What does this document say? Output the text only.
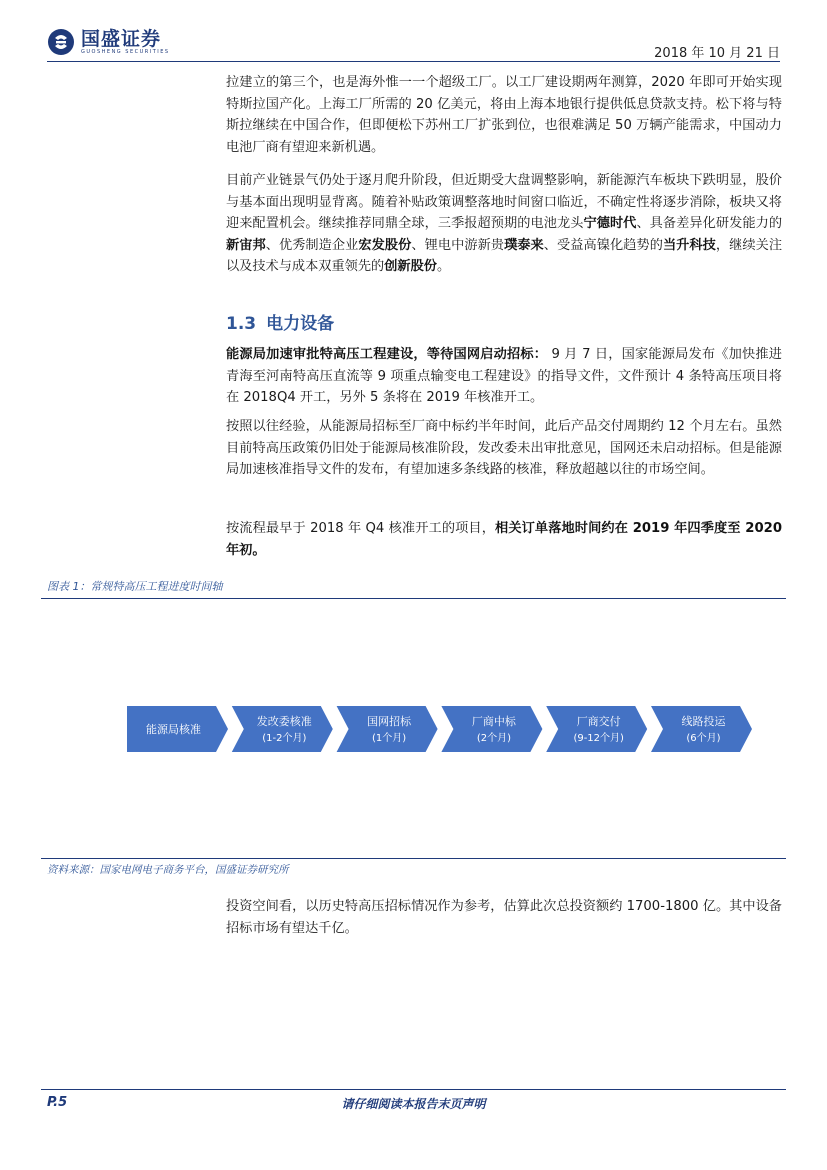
国盛证券
GUOSHENG SECURITIES	2018 年 10 月 21 日

拉建立的第三个，也是海外惟一一个超级工厂。以工厂建设期两年测算，2020 年即可开始实现特斯拉国产化。上海工厂所需的 20 亿美元，将由上海本地银行提供低息贷款支持。松下将与特斯拉继续在中国合作，但即便松下苏州工厂扩张到位，也很难满足 50 万辆产能需求，中国动力电池厂商有望迎来新机遇。

目前产业链景气仍处于逐月爬升阶段，但近期受大盘调整影响，新能源汽车板块下跌明显，股价与基本面出现明显背离。随着补贴政策调整落地时间窗口临近，不确定性将逐步消除，板块又将迎来配置机会。继续推荐同鼎全球，三季报超预期的电池龙头宁德时代、具备差异化研发能力的新宙邦、优秀制造企业宏发股份、锂电中游新贵璞泰来、受益高镍化趋势的当升科技，继续关注以及技术与成本双重领先的创新股份。

1.3 电力设备

能源局加速审批特高压工程建设，等待国网启动招标： 9 月 7 日，国家能源局发布《加快推进青海至河南特高压直流等 9 项重点输变电工程建设》的指导文件，文件预计 4 条特高压项目将在 2018Q4 开工，另外 5 条将在 2019 年核准开工。

按照以往经验，从能源局招标至厂商中标约半年时间，此后产品交付周期约 12 个月左右。虽然目前特高压政策仍旧处于能源局核准阶段，发改委未出审批意见，国网还未启动招标。但是能源局加速核准指导文件的发布，有望加速多条线路的核准，释放超越以往的市场空间。

按流程最早于 2018 年 Q4 核准开工的项目，相关订单落地时间约在 2019 年四季度至 2020 年初。

图表 1：常规特高压工程进度时间轴
能源局核准
发改委核准
(1-2个月)
国网招标
(1个月)
厂商中标
(2个月)
厂商交付
(9-12个月)
线路投运
(6个月)
资料来源：国家电网电子商务平台，国盛证券研究所

投资空间看，以历史特高压招标情况作为参考，估算此次总投资额约 1700-1800 亿。其中设备招标市场有望达千亿。

P.5	请仔细阅读本报告末页声明
